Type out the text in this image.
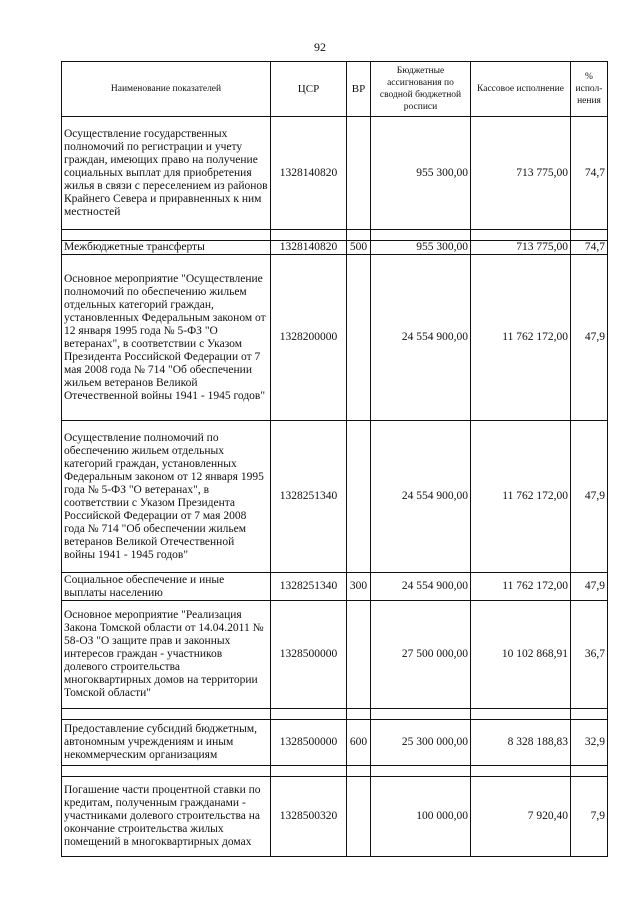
92
Наименование показателей	ЦСР	ВР	Бюджетные ассигнования по сводной бюджетной росписи	Кассовое исполнение	% испол-нения
Осуществление государственных полномочий по регистрации и учету граждан, имеющих право на получение социальных выплат для приобретения жилья в связи с переселением из районов Крайнего Севера и приравненных к ним местностей	1328140820		955 300,00	713 775,00	74,7

Межбюджетные трансферты	1328140820	500	955 300,00	713 775,00	74,7
Основное мероприятие "Осуществление полномочий по обеспечению жильем отдельных категорий граждан, установленных Федеральным законом от 12 января 1995 года № 5-ФЗ "О ветеранах", в соответствии с Указом Президента Российской Федерации от 7 мая 2008 года № 714 "Об обеспечении жильем ветеранов Великой Отечественной войны 1941 - 1945 годов"	1328200000		24 554 900,00	11 762 172,00	47,9
Осуществление полномочий по обеспечению жильем отдельных категорий граждан, установленных Федеральным законом от 12 января 1995 года № 5-ФЗ "О ветеранах", в соответствии с Указом Президента Российской Федерации от 7 мая 2008 года № 714 "Об обеспечении жильем ветеранов Великой Отечественной войны 1941 - 1945 годов"	1328251340		24 554 900,00	11 762 172,00	47,9
Социальное обеспечение и иные выплаты населению	1328251340	300	24 554 900,00	11 762 172,00	47,9
Основное мероприятие "Реализация Закона Томской области от 14.04.2011 № 58-ОЗ "О защите прав и законных интересов граждан - участников долевого строительства многоквартирных домов на территории Томской области"	1328500000		27 500 000,00	10 102 868,91	36,7

Предоставление субсидий бюджетным, автономным учреждениям и иным некоммерческим организациям	1328500000	600	25 300 000,00	8 328 188,83	32,9

Погашение части процентной ставки по кредитам, полученным гражданами - участниками долевого строительства на окончание строительства жилых помещений в многоквартирных домах	1328500320		100 000,00	7 920,40	7,9
